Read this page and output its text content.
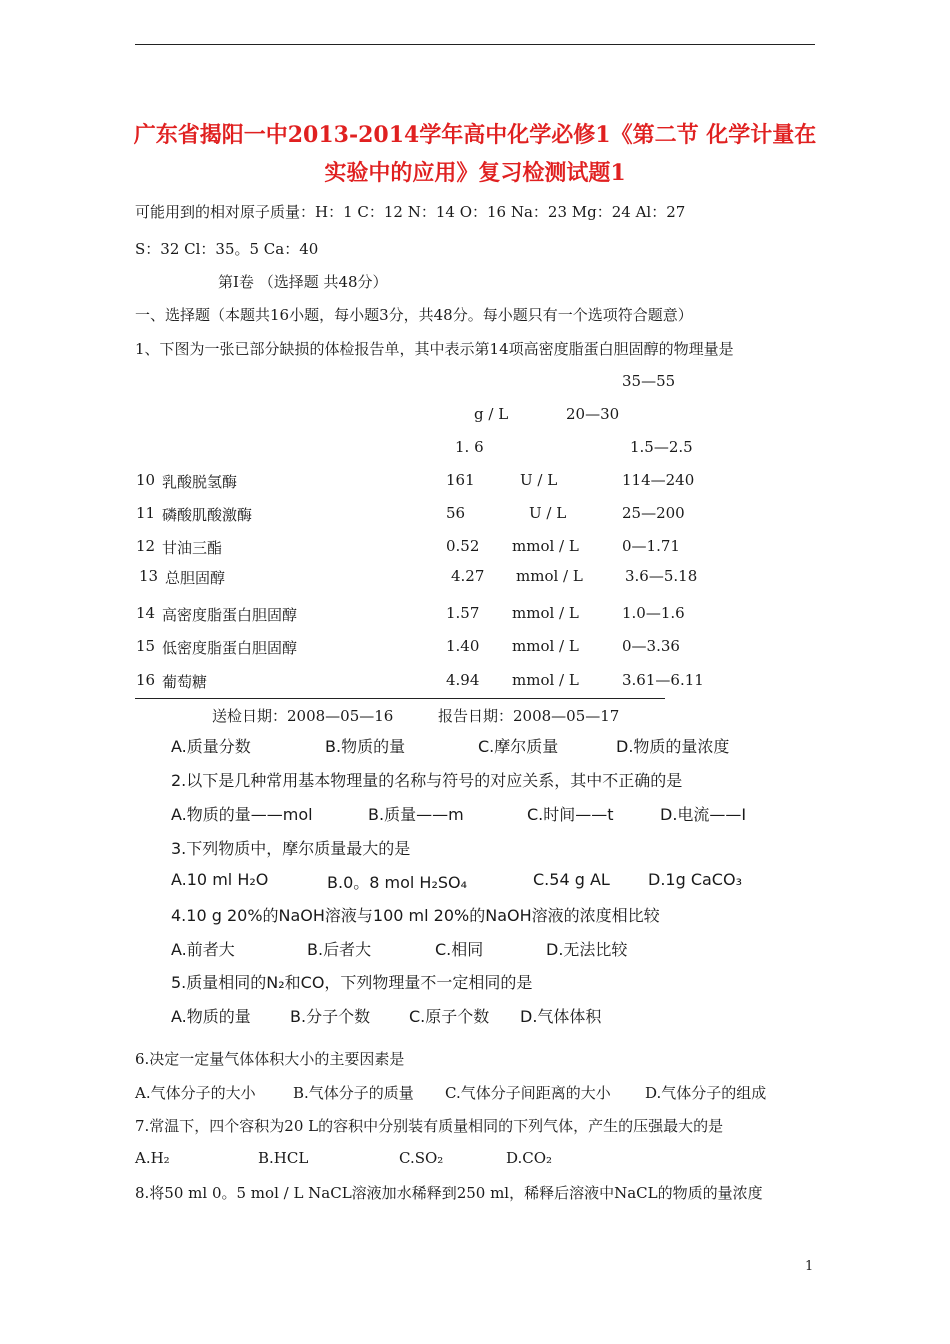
广东省揭阳一中2013-2014学年高中化学必修1《第二节 化学计量在
实验中的应用》复习检测试题1
可能用到的相对原子质量：H：1 C：12 N：14 O：16 Na：23 Mg：24 Al：27
S：32 Cl：35。5 Ca：40
第Ⅰ卷 （选择题 共48分）
一、选择题（本题共16小题，每小题3分，共48分。每小题只有一个选项符合题意）
1、下图为一张已部分缺损的体检报告单，其中表示第14项高密度脂蛋白胆固醇的物理量是
35—55
g / L	20—30
1. 6	1.5—2.5
10 乳酸脱氢酶	161	U / L	114—240
11 磷酸肌酸激酶	56	U / L	25—200
12 甘油三酯	0.52 mmol / L	0—1.71
13 总胆固醇	4.27 mmol / L	3.6—5.18
14 高密度脂蛋白胆固醇	1.57 mmol / L	1.0—1.6
15 低密度脂蛋白胆固醇	1.40 mmol / L	0—3.36
16 葡萄糖	4.94 mmol / L	3.61—6.11
送检日期：2008—05—16	报告日期：2008—05—17
A.质量分数	B.物质的量	C.摩尔质量	D.物质的量浓度
2.以下是几种常用基本物理量的名称与符号的对应关系，其中不正确的是
A.物质的量——mol	B.质量——m	C.时间——t	D.电流——I
3.下列物质中，摩尔质量最大的是
A.10 ml H₂O	B.0。8 mol H₂SO₄	C.54 g AL D.1g CaCO₃
4.10 g 20%的NaOH溶液与100 ml 20%的NaOH溶液的浓度相比较
A.前者大	B.后者大	C.相同	D.无法比较
5.质量相同的N₂和CO，下列物理量不一定相同的是
A.物质的量 B.分子个数 C.原子个数 D.气体体积
6.决定一定量气体体积大小的主要因素是
A.气体分子的大小 B.气体分子的质量 C.气体分子间距离的大小 D.气体分子的组成
7.常温下，四个容积为20 L的容积中分别装有质量相同的下列气体，产生的压强最大的是
A.H₂	B.HCL	C.SO₂	D.CO₂
8.将50 ml 0。5 mol / L NaCL溶液加水稀释到250 ml，稀释后溶液中NaCL的物质的量浓度
1
